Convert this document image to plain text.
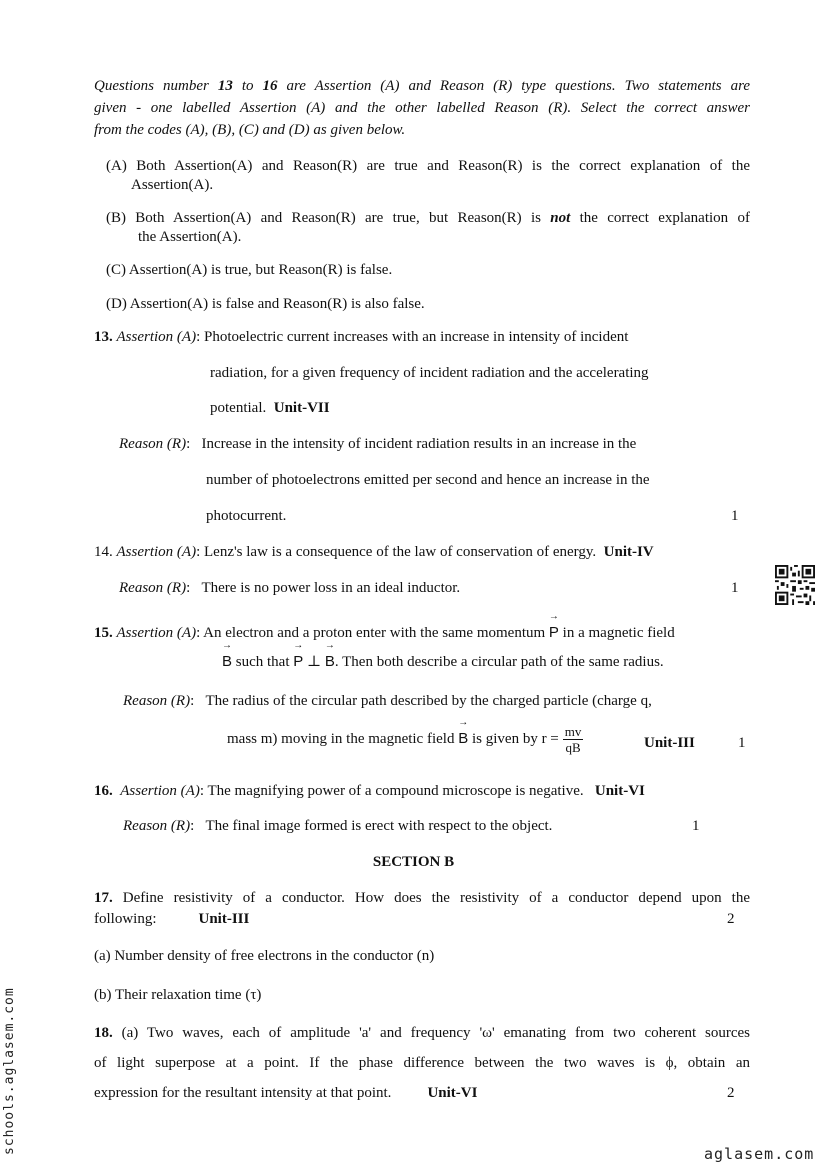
Questions number 13 to 16 are Assertion (A) and Reason (R) type questions. Two statements are
given - one labelled Assertion (A) and the other labelled Reason (R). Select the correct answer
from the codes (A), (B), (C) and (D) as given below.
(A) Both Assertion(A) and Reason(R) are true and Reason(R) is the correct explanation of the
Assertion(A).
(B) Both Assertion(A) and Reason(R) are true, but Reason(R) is not the correct explanation of
the Assertion(A).
(C) Assertion(A) is true, but Reason(R) is false.
(D) Assertion(A) is false and Reason(R) is also false.
13. Assertion (A): Photoelectric current increases with an increase in intensity of incident
radiation, for a given frequency of incident radiation and the accelerating
potential. Unit-VII
Reason (R): Increase in the intensity of incident radiation results in an increase in the
number of photoelectrons emitted per second and hence an increase in the
photocurrent.	1
14. Assertion (A): Lenz's law is a consequence of the law of conservation of energy. Unit-IV
Reason (R): There is no power loss in an ideal inductor.	1
15. Assertion (A): An electron and a proton enter with the same momentum
→
P in a magnetic field
→
B such that
→
P ⊥
→
B. Then both describe a circular path of the same radius.
Reason (R): The radius of the circular path described by the charged particle (charge q,
mass m) moving in the magnetic field
→
B is given by $r = \frac{mv}{qB}$	Unit-III	1
16. Assertion (A): The magnifying power of a compound microscope is negative. Unit-VI
Reason (R): The final image formed is erect with respect to the object.	1
SECTION B
17. Define resistivity of a conductor. How does the resistivity of a conductor depend upon the
following:	Unit-III	2
(a) Number density of free electrons in the conductor (n)
(b) Their relaxation time (τ)
18. (a) Two waves, each of amplitude 'a' and frequency 'ω' emanating from two coherent sources
of light superpose at a point. If the phase difference between the two waves is ϕ, obtain an
expression for the resultant intensity at that point. Unit-VI	2
schools.aglasem.com	aglasem.com
